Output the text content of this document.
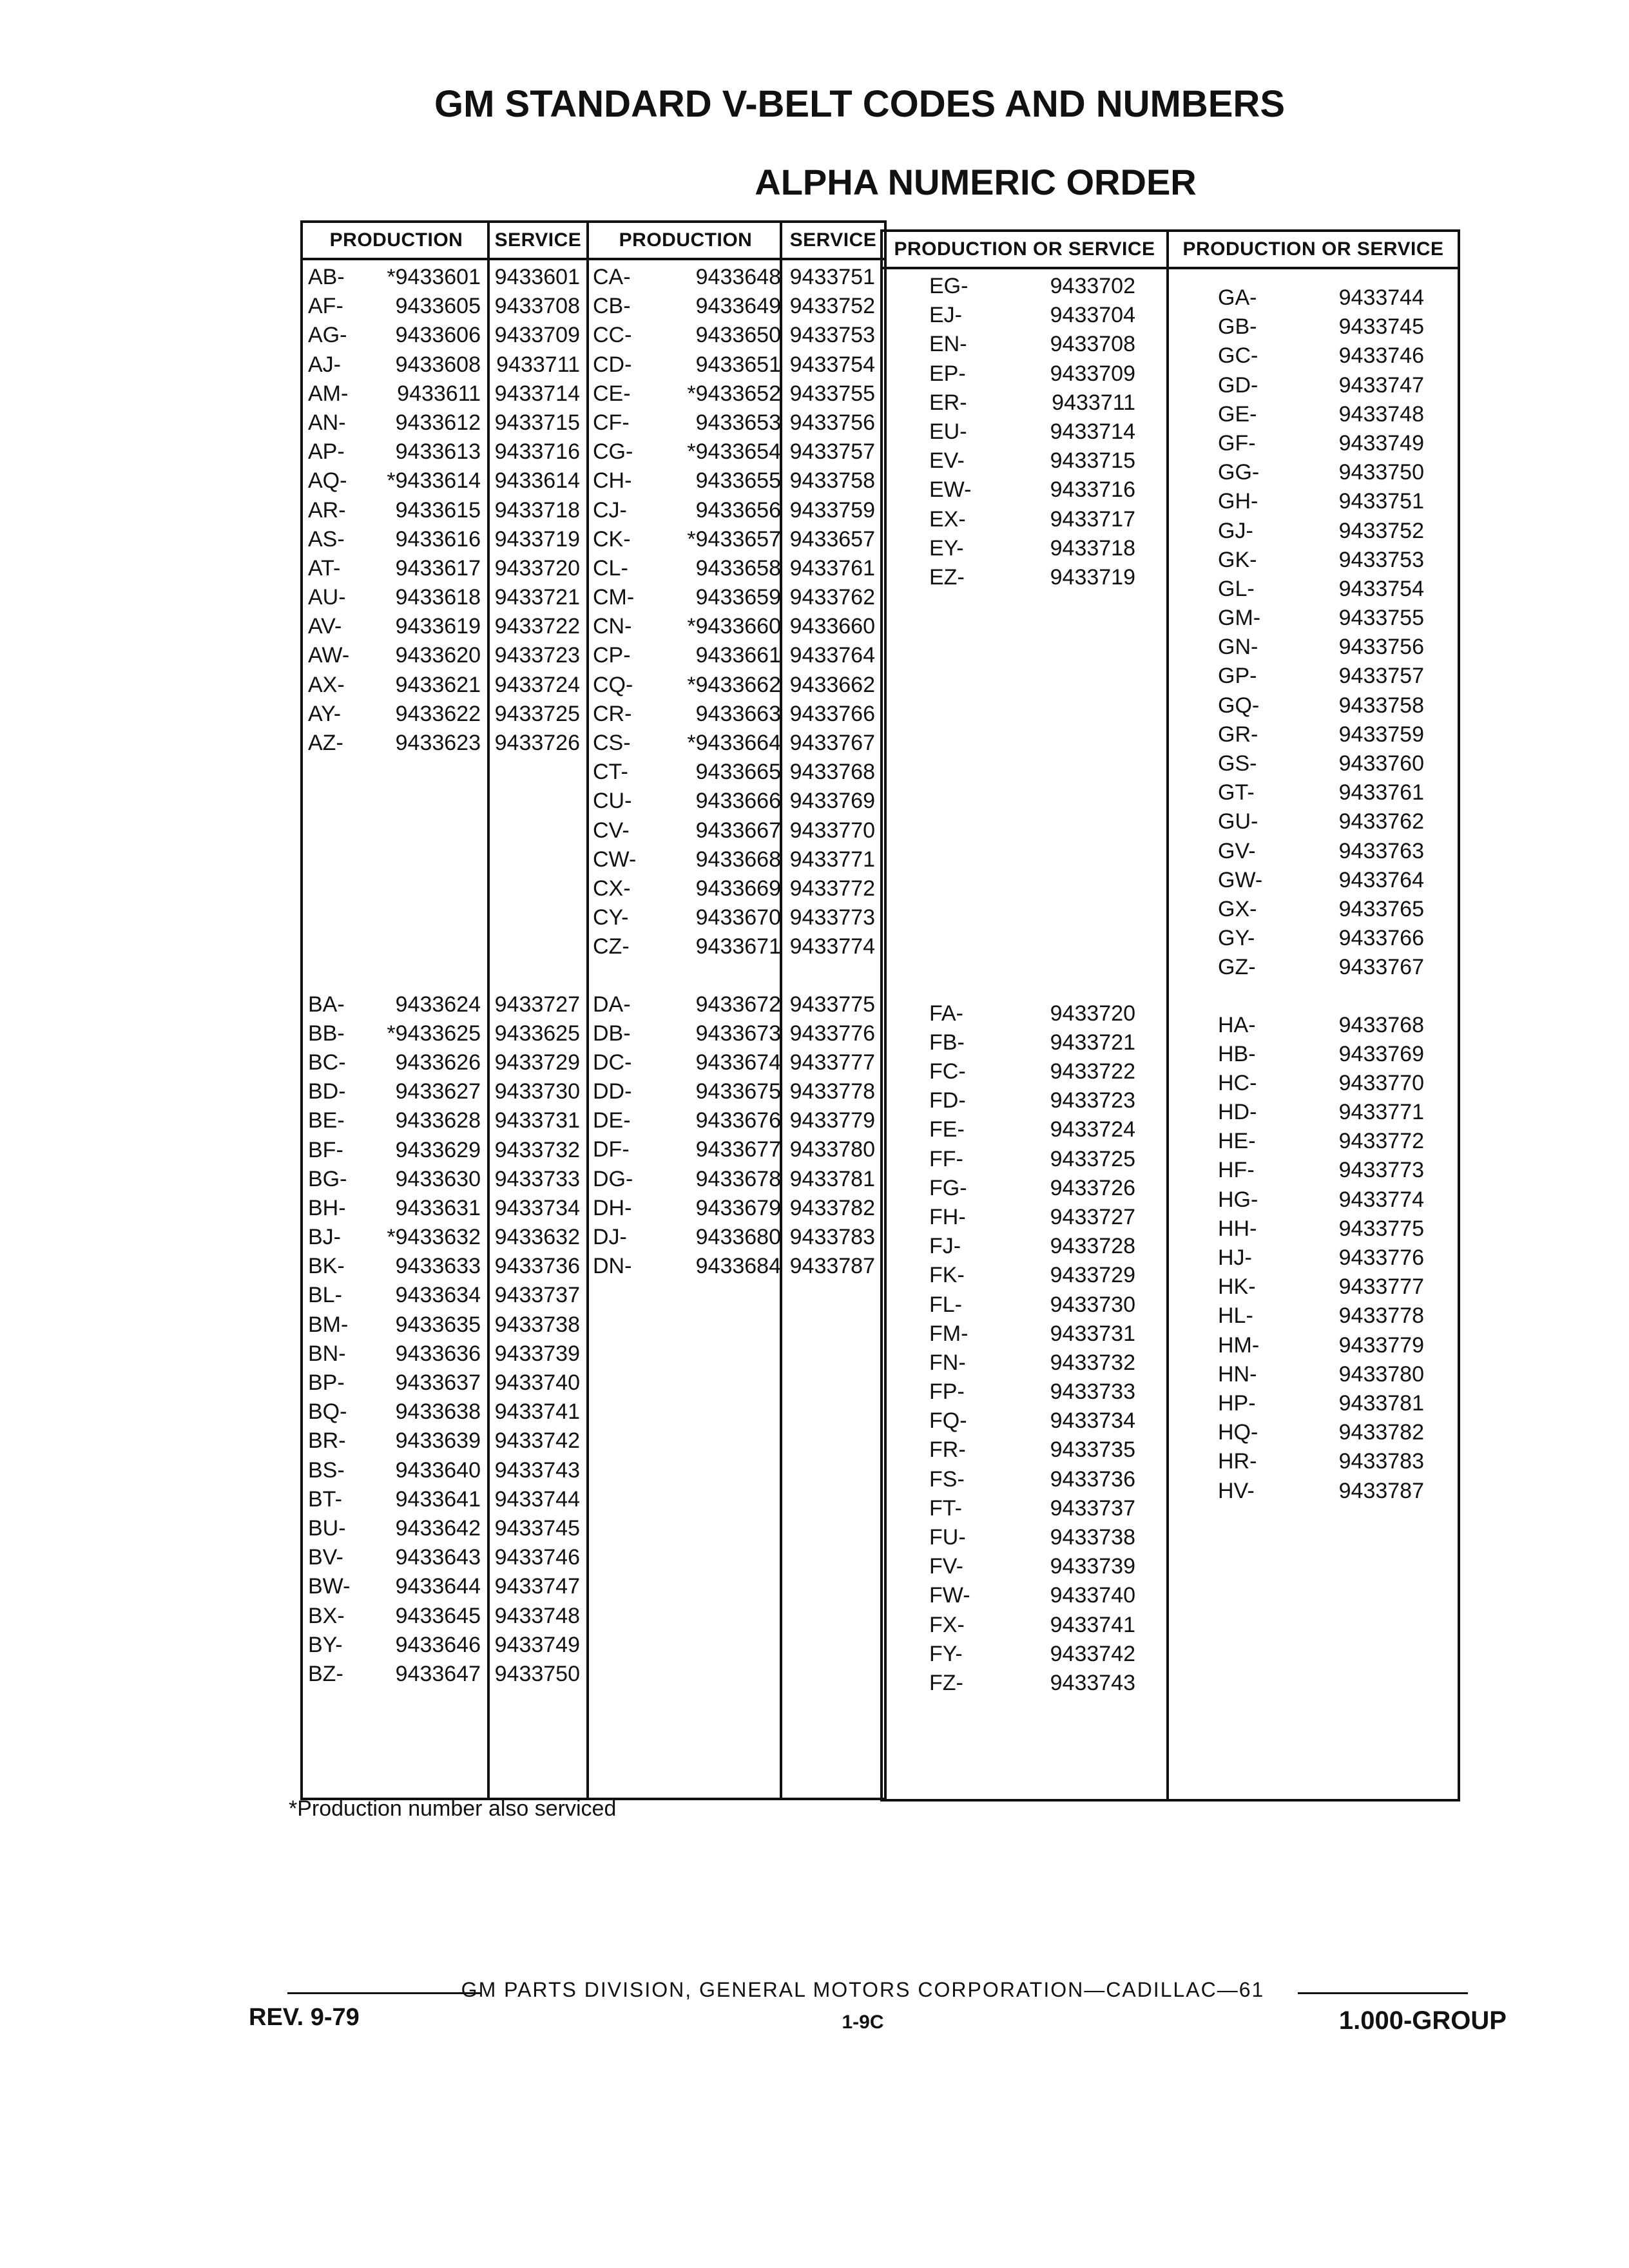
GM STANDARD V-BELT CODES AND NUMBERS
ALPHA NUMERIC ORDER
PRODUCTION	SERVICE	PRODUCTION	SERVICE
AB-	*9433601 9433601
AF-	9433605 9433708
AG-	9433606 9433709
AJ-	9433608 9433711
AM-	9433611 9433714
AN-	9433612 9433715
AP-	9433613 9433716
AQ-	*9433614 9433614
AR-	9433615 9433718
AS-	9433616 9433719
AT-	9433617 9433720
AU-	9433618 9433721
AV-	9433619 9433722
AW-	9433620 9433723
AX-	9433621 9433724
AY-	9433622 9433725
AZ-	9433623 9433726
BA-	9433624 9433727
BB-	*9433625 9433625
BC-	9433626 9433729
BD-	9433627 9433730
BE-	9433628 9433731
BF-	9433629 9433732
BG-	9433630 9433733
BH-	9433631 9433734
BJ-	*9433632 9433632
BK-	9433633 9433736
BL-	9433634 9433737
BM-	9433635 9433738
BN-	9433636 9433739
BP-	9433637 9433740
BQ-	9433638 9433741
BR-	9433639 9433742
BS-	9433640 9433743
BT-	9433641 9433744
BU-	9433642 9433745
BV-	9433643 9433746
BW-	9433644 9433747
BX-	9433645 9433748
BY-	9433646 9433749
BZ-	9433647 9433750
CA-	9433648 9433751
CB-	9433649 9433752
CC-	9433650 9433753
CD-	9433651 9433754
CE-	*9433652 9433755
CF-	9433653 9433756
CG-	*9433654 9433757
CH-	9433655 9433758
CJ-	9433656 9433759
CK-	*9433657 9433657
CL-	9433658 9433761
CM-	9433659 9433762
CN-	*9433660 9433660
CP-	9433661 9433764
CQ-	*9433662 9433662
CR-	9433663 9433766
CS-	*9433664 9433767
CT-	9433665 9433768
CU-	9433666 9433769
CV-	9433667 9433770
CW-	9433668 9433771
CX-	9433669 9433772
CY-	9433670 9433773
CZ-	9433671 9433774
DA-	9433672 9433775
DB-	9433673 9433776
DC-	9433674 9433777
DD-	9433675 9433778
DE-	9433676 9433779
DF-	9433677 9433780
DG-	9433678 9433781
DH-	9433679 9433782
DJ-	9433680 9433783
DN-	9433684 9433787
PRODUCTION OR SERVICE	PRODUCTION OR SERVICE
EG-	9433702
EJ-	9433704
EN-	9433708
EP-	9433709
ER-	9433711
EU-	9433714
EV-	9433715
EW-	9433716
EX-	9433717
EY-	9433718
EZ-	9433719
FA-	9433720
FB-	9433721
FC-	9433722
FD-	9433723
FE-	9433724
FF-	9433725
FG-	9433726
FH-	9433727
FJ-	9433728
FK-	9433729
FL-	9433730
FM-	9433731
FN-	9433732
FP-	9433733
FQ-	9433734
FR-	9433735
FS-	9433736
FT-	9433737
FU-	9433738
FV-	9433739
FW-	9433740
FX-	9433741
FY-	9433742
FZ-	9433743
GA-	9433744
GB-	9433745
GC-	9433746
GD-	9433747
GE-	9433748
GF-	9433749
GG-	9433750
GH-	9433751
GJ-	9433752
GK-	9433753
GL-	9433754
GM-	9433755
GN-	9433756
GP-	9433757
GQ-	9433758
GR-	9433759
GS-	9433760
GT-	9433761
GU-	9433762
GV-	9433763
GW-	9433764
GX-	9433765
GY-	9433766
GZ-	9433767
HA-	9433768
HB-	9433769
HC-	9433770
HD-	9433771
HE-	9433772
HF-	9433773
HG-	9433774
HH-	9433775
HJ-	9433776
HK-	9433777
HL-	9433778
HM-	9433779
HN-	9433780
HP-	9433781
HQ-	9433782
HR-	9433783
HV-	9433787
*Production number also serviced
GM PARTS DIVISION, GENERAL MOTORS CORPORATION—CADILLAC—61
REV. 9-79	1-9C	1.000-GROUP
